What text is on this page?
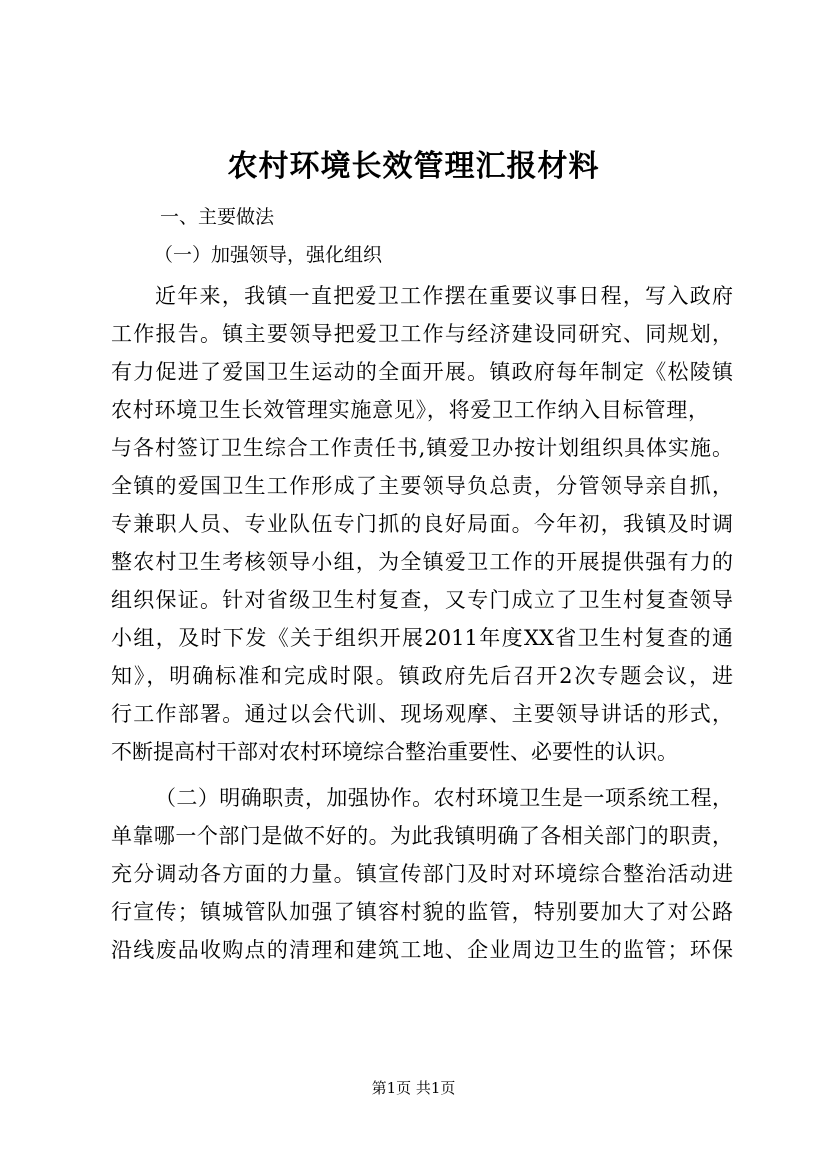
农村环境长效管理汇报材料
一、主要做法
（一）加强领导，强化组织
近年来，我镇一直把爱卫工作摆在重要议事日程，写入政府
工作报告。镇主要领导把爱卫工作与经济建设同研究、同规划，
有力促进了爱国卫生运动的全面开展。镇政府每年制定《松陵镇
农村环境卫生长效管理实施意见》，将爱卫工作纳入目标管理，
与各村签订卫生综合工作责任书,镇爱卫办按计划组织具体实施。
全镇的爱国卫生工作形成了主要领导负总责，分管领导亲自抓，
专兼职人员、专业队伍专门抓的良好局面。今年初，我镇及时调
整农村卫生考核领导小组，为全镇爱卫工作的开展提供强有力的
组织保证。针对省级卫生村复查，又专门成立了卫生村复查领导
小组，及时下发《关于组织开展2011年度XX省卫生村复查的通
知》，明确标准和完成时限。镇政府先后召开2次专题会议，进
行工作部署。通过以会代训、现场观摩、主要领导讲话的形式，
不断提高村干部对农村环境综合整治重要性、必要性的认识。
（二）明确职责，加强协作。农村环境卫生是一项系统工程，
单靠哪一个部门是做不好的。为此我镇明确了各相关部门的职责，
充分调动各方面的力量。镇宣传部门及时对环境综合整治活动进
行宣传；镇城管队加强了镇容村貌的监管，特别要加大了对公路
沿线废品收购点的清理和建筑工地、企业周边卫生的监管；环保
第1页 共1页
